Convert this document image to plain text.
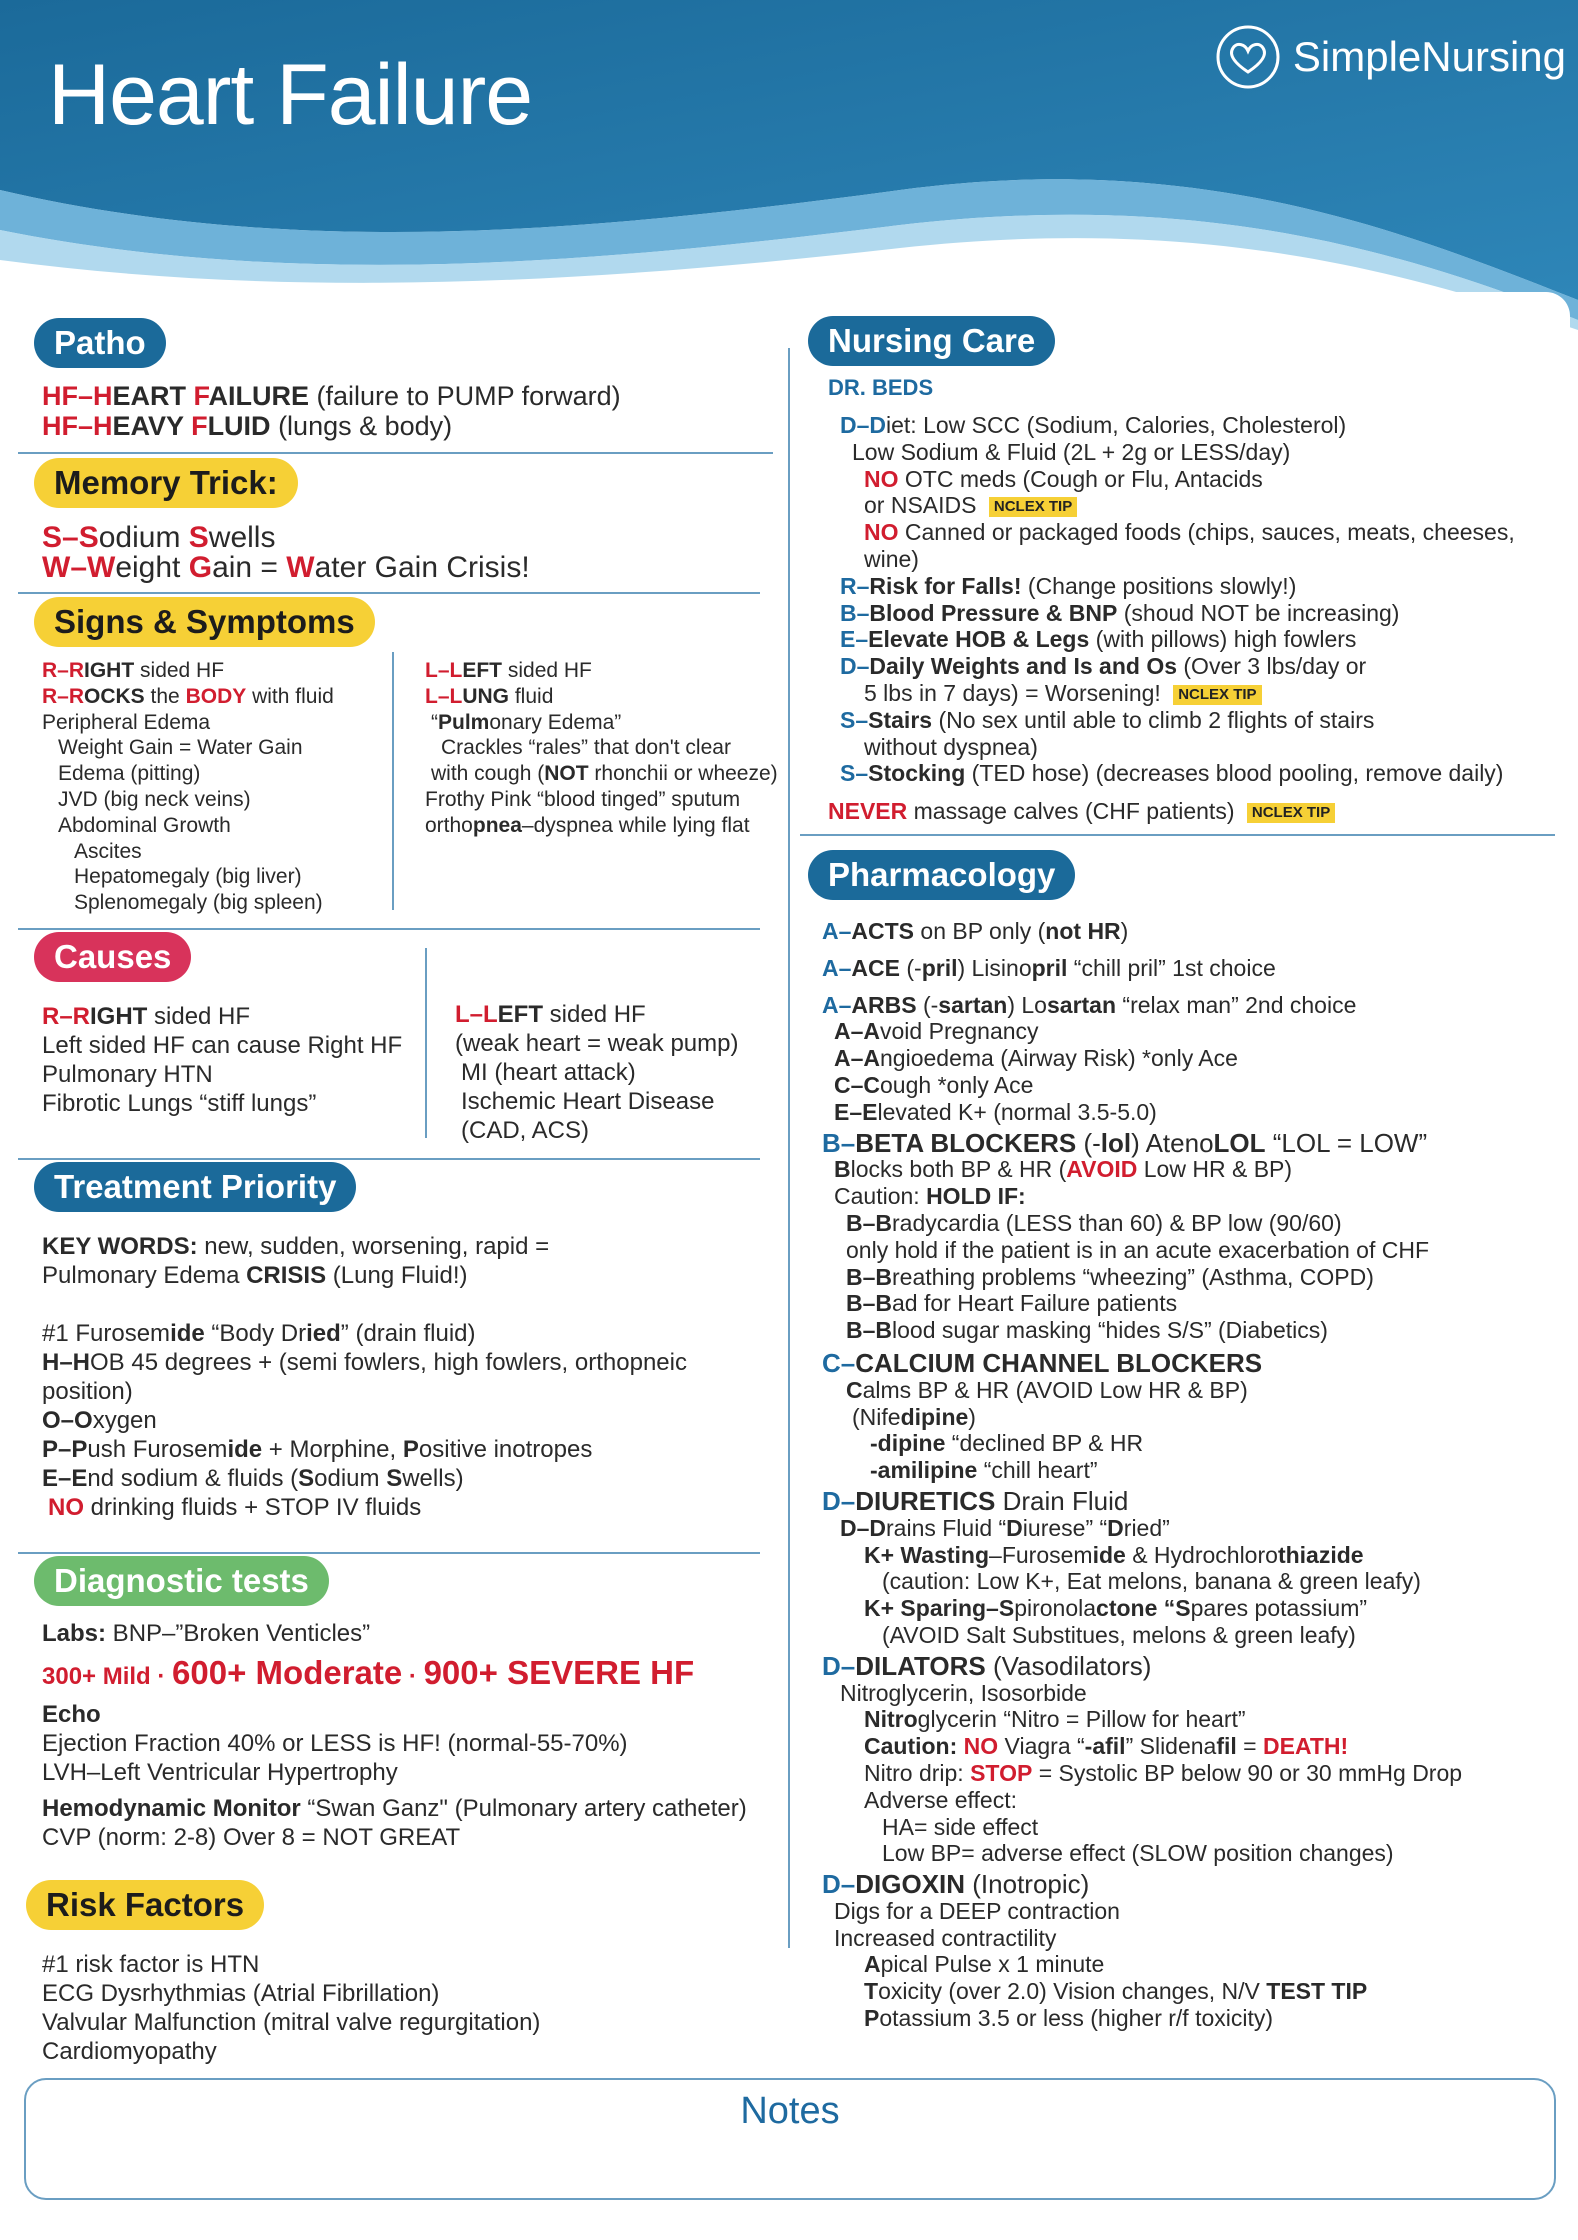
Heart Failure	SimpleNursing
Patho
HF–HEART FAILURE (failure to PUMP forward)
HF–HEAVY FLUID (lungs & body)
Memory Trick:
S–Sodium Swells
W–Weight Gain = Water Gain Crisis!
Signs & Symptoms
R–RIGHT sided HF
R–ROCKS the BODY with fluid
Peripheral Edema
Weight Gain = Water Gain
Edema (pitting)
JVD (big neck veins)
Abdominal Growth
Ascites
Hepatomegaly (big liver)
Splenomegaly (big spleen)
L–LEFT sided HF
L–LUNG fluid
“Pulmonary Edema”
Crackles “rales” that don't clear
with cough (NOT rhonchii or wheeze)
Frothy Pink “blood tinged” sputum
orthopnea–dyspnea while lying flat
Causes
R–RIGHT sided HF
Left sided HF can cause Right HF
Pulmonary HTN
Fibrotic Lungs “stiff lungs”
L–LEFT sided HF
(weak heart = weak pump)
MI (heart attack)
Ischemic Heart Disease
(CAD, ACS)
Treatment Priority
KEY WORDS: new, sudden, worsening, rapid =
Pulmonary Edema CRISIS (Lung Fluid!)
#1 Furosemide “Body Dried” (drain fluid)
H–HOB 45 degrees + (semi fowlers, high fowlers, orthopneic
position)
O–Oxygen
P–Push Furosemide + Morphine, Positive inotropes
E–End sodium & fluids (Sodium Swells)
NO drinking fluids + STOP IV fluids
Diagnostic tests
Labs: BNP–”Broken Venticles”
300+ Mild · 600+ Moderate · 900+ SEVERE HF
Echo
Ejection Fraction 40% or LESS is HF! (normal-55-70%)
LVH–Left Ventricular Hypertrophy
Hemodynamic Monitor “Swan Ganz" (Pulmonary artery catheter)
CVP (norm: 2-8) Over 8 = NOT GREAT
Risk Factors
#1 risk factor is HTN
ECG Dysrhythmias (Atrial Fibrillation)
Valvular Malfunction (mitral valve regurgitation)
Cardiomyopathy
Nursing Care
DR. BEDS
D–Diet: Low SCC (Sodium, Calories, Cholesterol)
Low Sodium & Fluid (2L + 2g or LESS/day)
NO OTC meds (Cough or Flu, Antacids
or NSAIDS NCLEX TIP
NO Canned or packaged foods (chips, sauces, meats, cheeses,
wine)
R–Risk for Falls! (Change positions slowly!)
B–Blood Pressure & BNP (shoud NOT be increasing)
E–Elevate HOB & Legs (with pillows) high fowlers
D–Daily Weights and Is and Os (Over 3 lbs/day or
5 lbs in 7 days) = Worsening! NCLEX TIP
S–Stairs (No sex until able to climb 2 flights of stairs
without dyspnea)
S–Stocking (TED hose) (decreases blood pooling, remove daily)
NEVER massage calves (CHF patients) NCLEX TIP
Pharmacology
A–ACTS on BP only (not HR)
A–ACE (-pril) Lisinopril “chill pril” 1st choice
A–ARBS (-sartan) Losartan “relax man” 2nd choice
A–Avoid Pregnancy
A–Angioedema (Airway Risk) *only Ace
C–Cough *only Ace
E–Elevated K+ (normal 3.5-5.0)
B–BETA BLOCKERS (-lol) AtenoLOL “LOL = LOW”
Blocks both BP & HR (AVOID Low HR & BP)
Caution: HOLD IF:
B–Bradycardia (LESS than 60) & BP low (90/60)
only hold if the patient is in an acute exacerbation of CHF
B–Breathing problems “wheezing” (Asthma, COPD)
B–Bad for Heart Failure patients
B–Blood sugar masking “hides S/S” (Diabetics)
C–CALCIUM CHANNEL BLOCKERS
Calms BP & HR (AVOID Low HR & BP)
(Nifedipine)
-dipine “declined BP & HR
-amilipine “chill heart”
D–DIURETICS Drain Fluid
D–Drains Fluid “Diurese” “Dried”
K+ Wasting–Furosemide & Hydrochlorothiazide
(caution: Low K+, Eat melons, banana & green leafy)
K+ Sparing–Spironolactone “Spares potassium”
(AVOID Salt Substitues, melons & green leafy)
D–DILATORS (Vasodilators)
Nitroglycerin, Isosorbide
Nitroglycerin “Nitro = Pillow for heart”
Caution: NO Viagra “-afil” Slidenafil = DEATH!
Nitro drip: STOP = Systolic BP below 90 or 30 mmHg Drop
Adverse effect:
HA= side effect
Low BP= adverse effect (SLOW position changes)
D–DIGOXIN (Inotropic)
Digs for a DEEP contraction
Increased contractility
Apical Pulse x 1 minute
Toxicity (over 2.0) Vision changes, N/V TEST TIP
Potassium 3.5 or less (higher r/f toxicity)
Notes
